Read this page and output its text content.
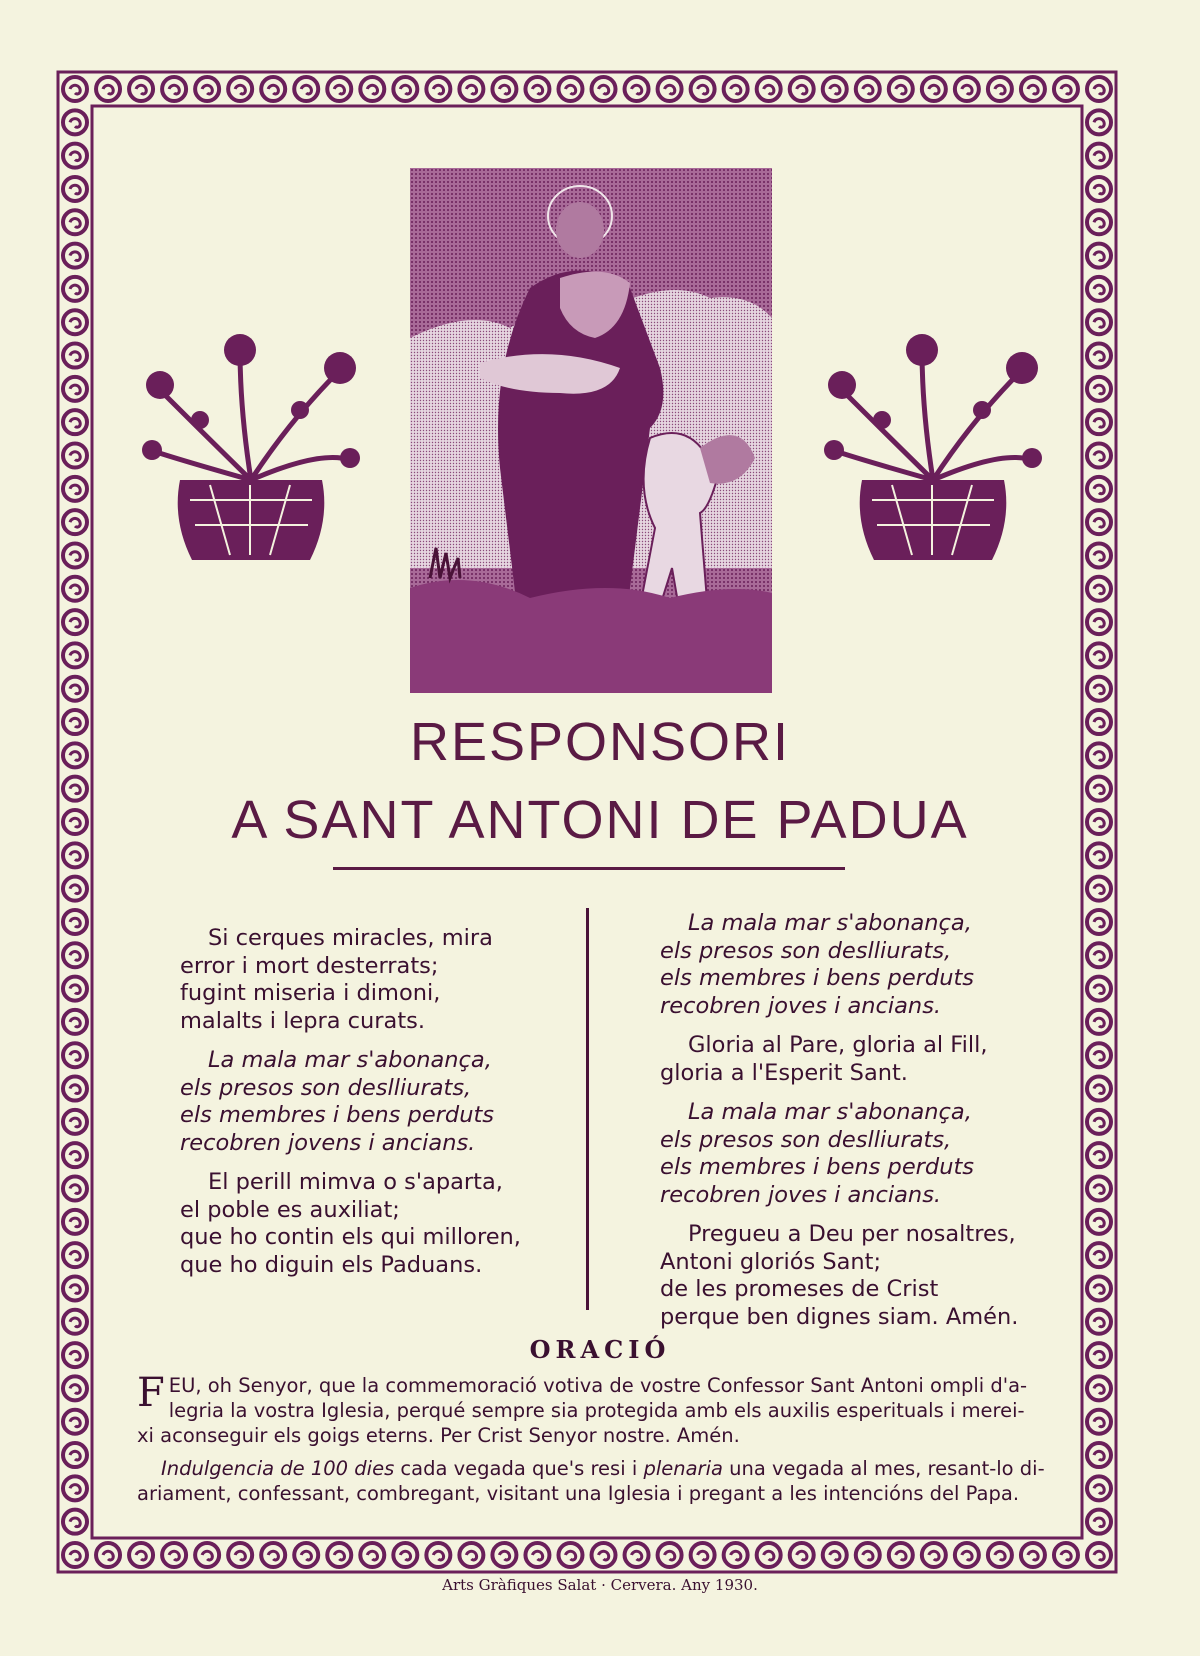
RESPONSORI
A SANT ANTONI DE PADUA

Si cerques miracles, mira
error i mort desterrats;
fugint miseria i dimoni,
malalts i lepra curats.

La mala mar s'abonança,
els presos son deslliurats,
els membres i bens perduts
recobren jovens i ancians.

El perill mimva o s'aparta,
el poble es auxiliat;
que ho contin els qui milloren,
que ho diguin els Paduans.

La mala mar s'abonança,
els presos son deslliurats,
els membres i bens perduts
recobren joves i ancians.

Gloria al Pare, gloria al Fill,
gloria a l'Esperit Sant.

La mala mar s'abonança,
els presos son deslliurats,
els membres i bens perduts
recobren joves i ancians.

Pregueu a Deu per nosaltres,
Antoni gloriós Sant;
de les promeses de Crist
perque ben dignes siam. Amén.

ORACIÓ
F EU, oh Senyor, que la commemoració votiva de vostre Confessor Sant Antoni ompli d'a-
legria la vostra Iglesia, perqué sempre sia protegida amb els auxilis esperituals i merei-
xi aconseguir els goigs eterns. Per Crist Senyor nostre. Amén.
Indulgencia de 100 dies cada vegada que's resi i plenaria una vegada al mes, resant-lo di-
ariament, confessant, combregant, visitant una Iglesia i pregant a les intencións del Papa.
Arts Gràfiques Salat · Cervera. Any 1930.
